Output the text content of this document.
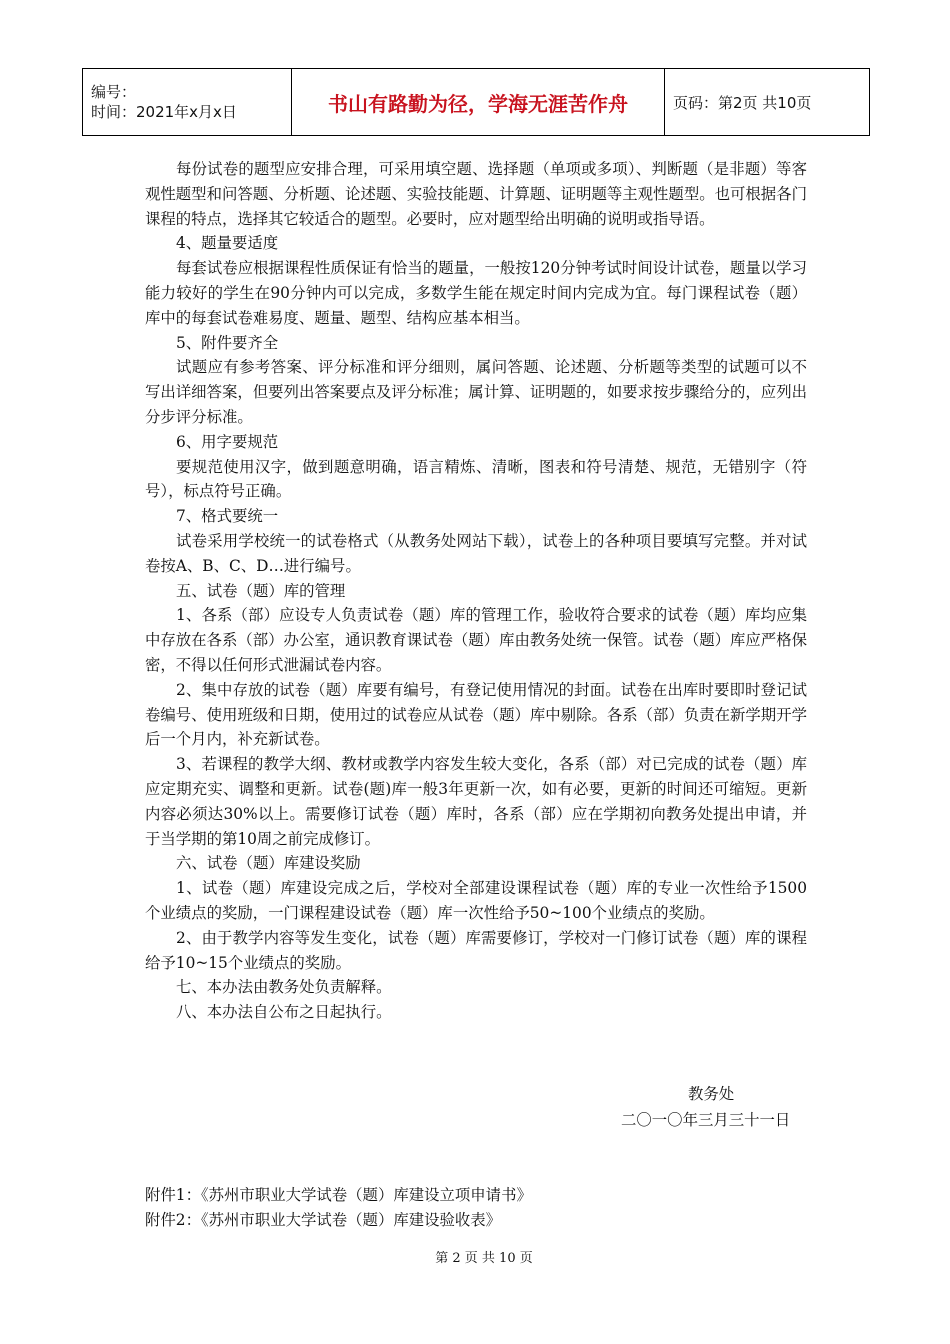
编号：
时间：2021年x月x日	书山有路勤为径，学海无涯苦作舟	页码：第2页 共10页

每份试卷的题型应安排合理，可采用填空题、选择题（单项或多项）、判断题（是非题）等客观性题型和问答题、分析题、论述题、实验技能题、计算题、证明题等主观性题型。也可根据各门课程的特点，选择其它较适合的题型。必要时，应对题型给出明确的说明或指导语。

4、题量要适度

每套试卷应根据课程性质保证有恰当的题量，一般按120分钟考试时间设计试卷，题量以学习能力较好的学生在90分钟内可以完成，多数学生能在规定时间内完成为宜。每门课程试卷（题）库中的每套试卷难易度、题量、题型、结构应基本相当。

5、附件要齐全

试题应有参考答案、评分标准和评分细则，属问答题、论述题、分析题等类型的试题可以不写出详细答案，但要列出答案要点及评分标准；属计算、证明题的，如要求按步骤给分的，应列出分步评分标准。

6、用字要规范

要规范使用汉字，做到题意明确，语言精炼、清晰，图表和符号清楚、规范，无错别字（符号），标点符号正确。

7、格式要统一

试卷采用学校统一的试卷格式（从教务处网站下载），试卷上的各种项目要填写完整。并对试卷按A、B、C、D…进行编号。

五、试卷（题）库的管理

1、各系（部）应设专人负责试卷（题）库的管理工作，验收符合要求的试卷（题）库均应集中存放在各系（部）办公室，通识教育课试卷（题）库由教务处统一保管。试卷（题）库应严格保密，不得以任何形式泄漏试卷内容。

2、集中存放的试卷（题）库要有编号，有登记使用情况的封面。试卷在出库时要即时登记试卷编号、使用班级和日期，使用过的试卷应从试卷（题）库中剔除。各系（部）负责在新学期开学后一个月内，补充新试卷。

3、若课程的教学大纲、教材或教学内容发生较大变化，各系（部）对已完成的试卷（题）库应定期充实、调整和更新。试卷(题)库一般3年更新一次，如有必要，更新的时间还可缩短。更新内容必须达30%以上。需要修订试卷（题）库时，各系（部）应在学期初向教务处提出申请，并于当学期的第10周之前完成修订。

六、试卷（题）库建设奖励

1、试卷（题）库建设完成之后，学校对全部建设课程试卷（题）库的专业一次性给予1500个业绩点的奖励，一门课程建设试卷（题）库一次性给予50~100个业绩点的奖励。

2、由于教学内容等发生变化，试卷（题）库需要修订，学校对一门修订试卷（题）库的课程给予10~15个业绩点的奖励。

七、本办法由教务处负责解释。

八、本办法自公布之日起执行。

教务处
二〇一〇年三月三十一日
附件1：《苏州市职业大学试卷（题）库建设立项申请书》
附件2：《苏州市职业大学试卷（题）库建设验收表》
第 2 页 共 10 页
